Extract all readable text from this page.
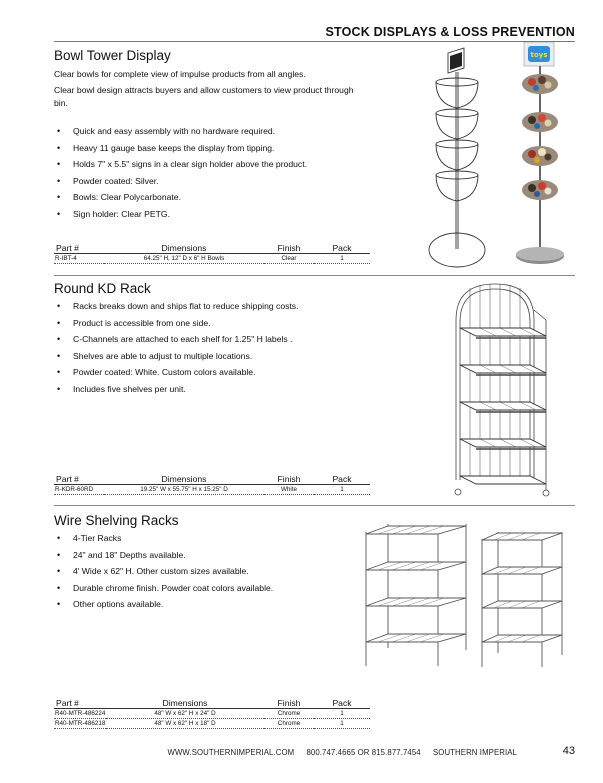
STOCK DISPLAYS & LOSS PREVENTION
Bowl Tower Display
Clear bowls for complete view of impulse products from all angles.
Clear bowl design attracts buyers and allow customers to view product through bin.
• Quick and easy assembly with no hardware required.
• Heavy 11 gauge base keeps the display from tipping.
• Holds 7" x 5.5" signs in a clear sign holder above the product.
• Powder coated: Silver.
• Bowls: Clear Polycarbonate.
• Sign holder: Clear PETG.
Part #	Dimensions	Finish	Pack
R-IBT-4	64.25" H, 12" D x 6" H Bowls	Clear	1
toys
Round KD Rack
• Racks breaks down and ships flat to reduce shipping costs.
• Product is accessible from one side.
• C-Channels are attached to each shelf for 1.25" H labels .
• Shelves are able to adjust to multiple locations.
• Powder coated: White. Custom colors available.
• Includes five shelves per unit.
Part #	Dimensions	Finish	Pack
R-KDR-60RD	19.25" W x 55.75" H x 15.25" D	White	1
Wire Shelving Racks
• 4-Tier Racks
• 24" and 18" Depths available.
• 4' Wide x 62" H. Other custom sizes available.
• Durable chrome finish. Powder coat colors available.
• Other options available.
Part #	Dimensions	Finish	Pack
R40-MTR-486224	48" W x 62" H x 24" D	Chrome	1
R40-MTR-486218	48" W x 62" H x 18" D	Chrome	1
WWW.SOUTHERNIMPERIAL.COM 800.747.4665 OR 815.877.7454 SOUTHERN IMPERIAL	43
